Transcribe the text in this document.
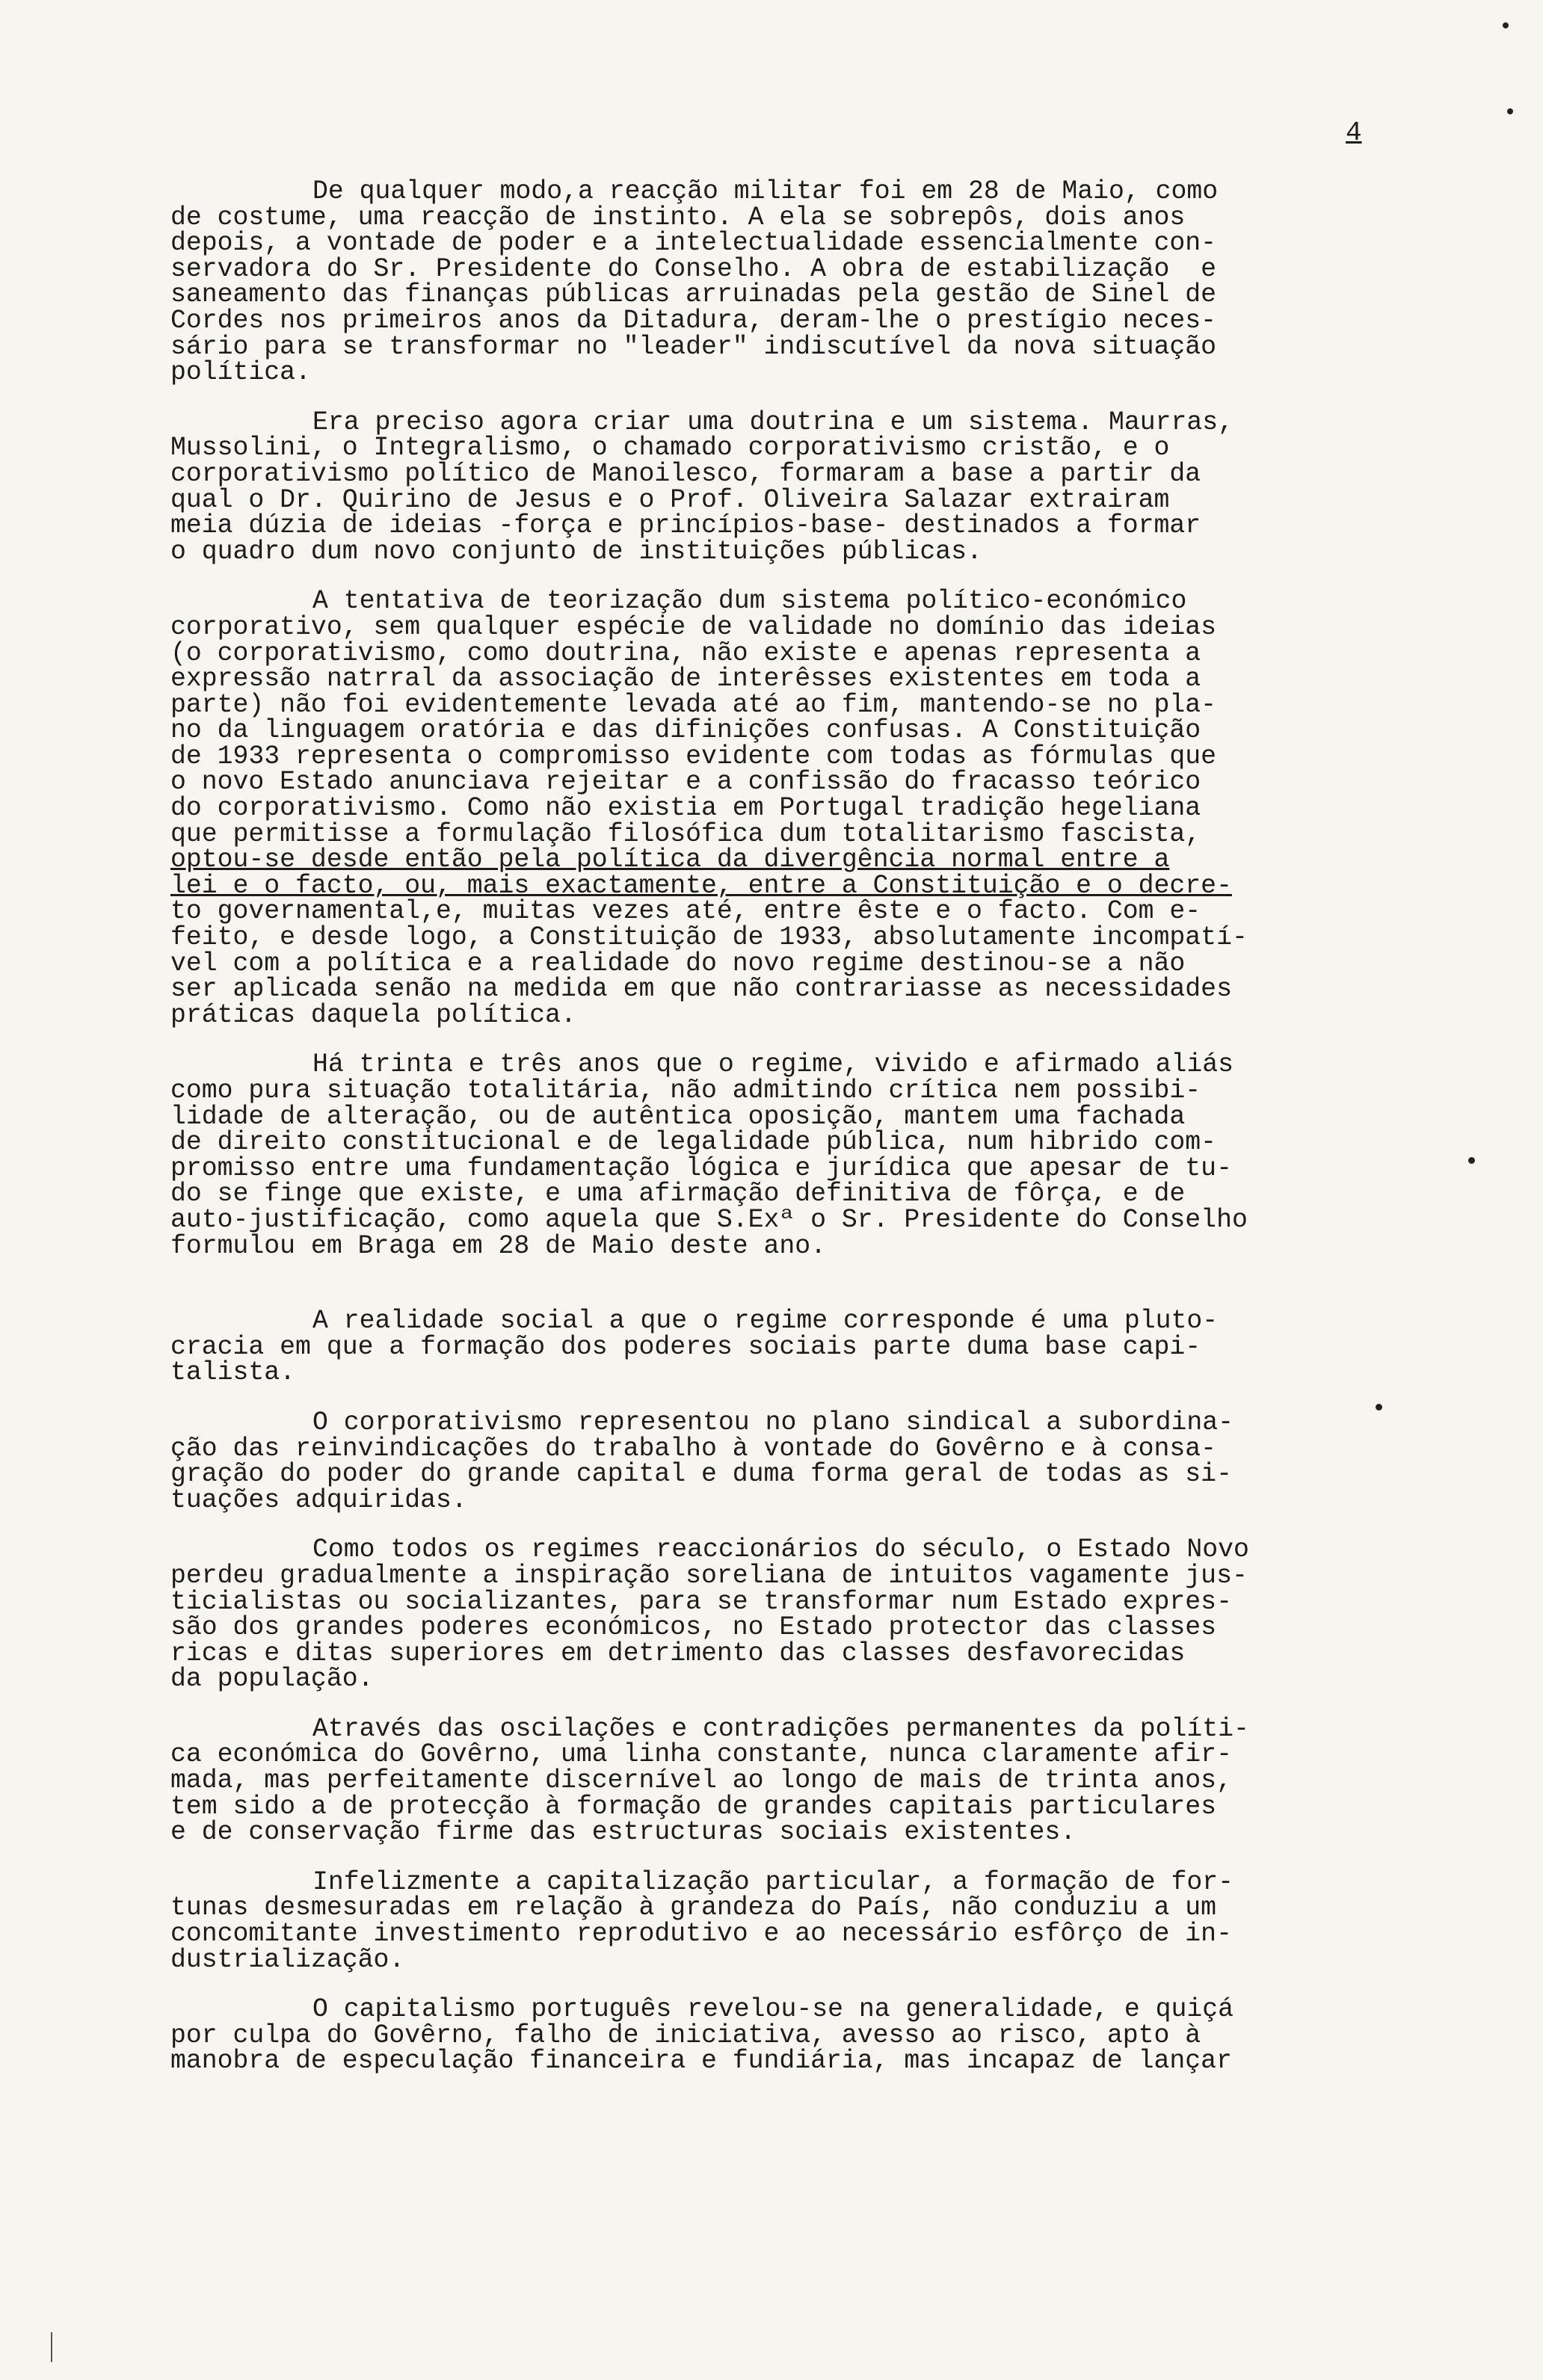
4
De qualquer modo,a reacção militar foi em 28 de Maio, como
de costume, uma reacção de instinto. A ela se sobrepôs, dois anos
depois, a vontade de poder e a intelectualidade essencialmente con-
servadora do Sr. Presidente do Conselho. A obra de estabilização  e
saneamento das finanças públicas arruinadas pela gestão de Sinel de
Cordes nos primeiros anos da Ditadura, deram-lhe o prestígio neces-
sário para se transformar no "leader" indiscutível da nova situação
política.
Era preciso agora criar uma doutrina e um sistema. Maurras,
Mussolini, o Integralismo, o chamado corporativismo cristão, e o
corporativismo político de Manoilesco, formaram a base a partir da
qual o Dr. Quirino de Jesus e o Prof. Oliveira Salazar extrairam
meia dúzia de ideias -força e princípios-base- destinados a formar
o quadro dum novo conjunto de instituições públicas.
A tentativa de teorização dum sistema político-económico
corporativo, sem qualquer espécie de validade no domínio das ideias
(o corporativismo, como doutrina, não existe e apenas representa a
expressão natrral da associação de interêsses existentes em toda a
parte) não foi evidentemente levada até ao fim, mantendo-se no pla-
no da linguagem oratória e das difinições confusas. A Constituição
de 1933 representa o compromisso evidente com todas as fórmulas que
o novo Estado anunciava rejeitar e a confissão do fracasso teórico
do corporativismo. Como não existia em Portugal tradição hegeliana
que permitisse a formulação filosófica dum totalitarismo fascista,
optou-se desde então pela política da divergência normal entre a
lei e o facto, ou, mais exactamente, entre a Constituição e o decre-
to governamental,e, muitas vezes até, entre êste e o facto. Com e-
feito, e desde logo, a Constituição de 1933, absolutamente incompatí-
vel com a política e a realidade do novo regime destinou-se a não
ser aplicada senão na medida em que não contrariasse as necessidades
práticas daquela política.
Há trinta e três anos que o regime, vivido e afirmado aliás
como pura situação totalitária, não admitindo crítica nem possibi-
lidade de alteração, ou de autêntica oposição, mantem uma fachada
de direito constitucional e de legalidade pública, num hibrido com-
promisso entre uma fundamentação lógica e jurídica que apesar de tu-
do se finge que existe, e uma afirmação definitiva de fôrça, e de
auto-justificação, como aquela que S.Exª o Sr. Presidente do Conselho
formulou em Braga em 28 de Maio deste ano.
A realidade social a que o regime corresponde é uma pluto-
cracia em que a formação dos poderes sociais parte duma base capi-
talista.
O corporativismo representou no plano sindical a subordina-
ção das reinvindicações do trabalho à vontade do Govêrno e à consa-
gração do poder do grande capital e duma forma geral de todas as si-
tuações adquiridas.
Como todos os regimes reaccionários do século, o Estado Novo
perdeu gradualmente a inspiração soreliana de intuitos vagamente jus-
ticialistas ou socializantes, para se transformar num Estado expres-
são dos grandes poderes económicos, no Estado protector das classes
ricas e ditas superiores em detrimento das classes desfavorecidas
da população.
Através das oscilações e contradições permanentes da políti-
ca económica do Govêrno, uma linha constante, nunca claramente afir-
mada, mas perfeitamente discernível ao longo de mais de trinta anos,
tem sido a de protecção à formação de grandes capitais particulares
e de conservação firme das estructuras sociais existentes.
Infelizmente a capitalização particular, a formação de for-
tunas desmesuradas em relação à grandeza do País, não conduziu a um
concomitante investimento reprodutivo e ao necessário esfôrço de in-
dustrialização.
O capitalismo português revelou-se na generalidade, e quiçá
por culpa do Govêrno, falho de iniciativa, avesso ao risco, apto à
manobra de especulação financeira e fundiária, mas incapaz de lançar
